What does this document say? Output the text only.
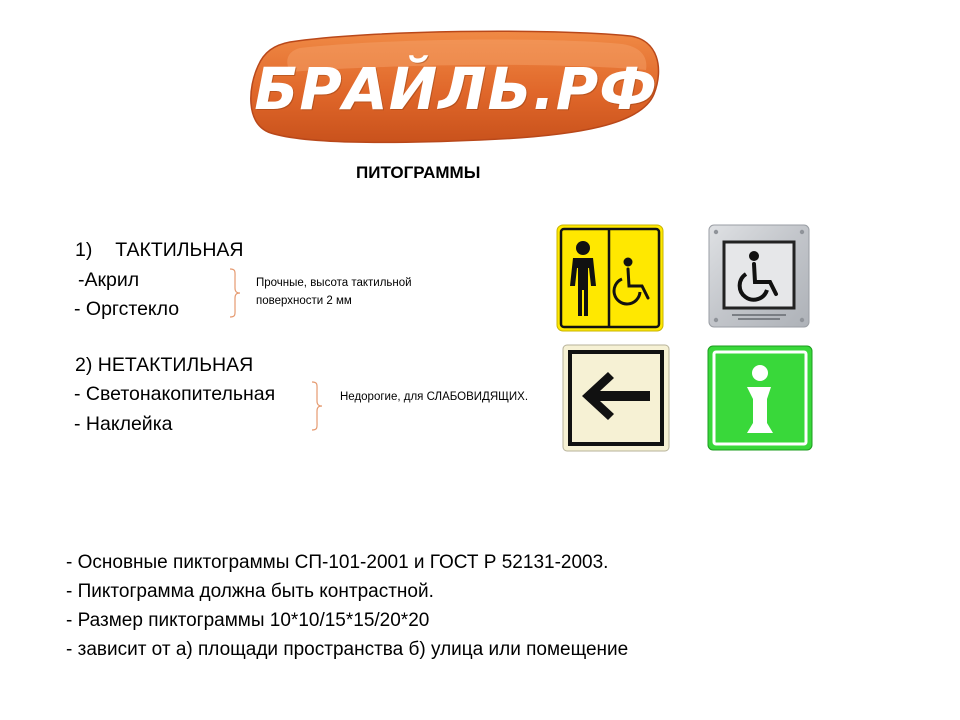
БРАЙЛЬ.РФ
ПИТОГРАММЫ
1) ТАКТИЛЬНАЯ
-Акрил
- Оргстекло
Прочные, высота тактильной
поверхности 2 мм
2) НЕТАКТИЛЬНАЯ
- Светонакопительная
- Наклейка
Недорогие, для СЛАБОВИДЯЩИХ.
- Основные пиктограммы СП-101-2001 и ГОСТ Р 52131-2003.
- Пиктограмма должна быть контрастной.
- Размер пиктограммы 10*10/15*15/20*20
- зависит от а) площади пространства б) улица или помещение
